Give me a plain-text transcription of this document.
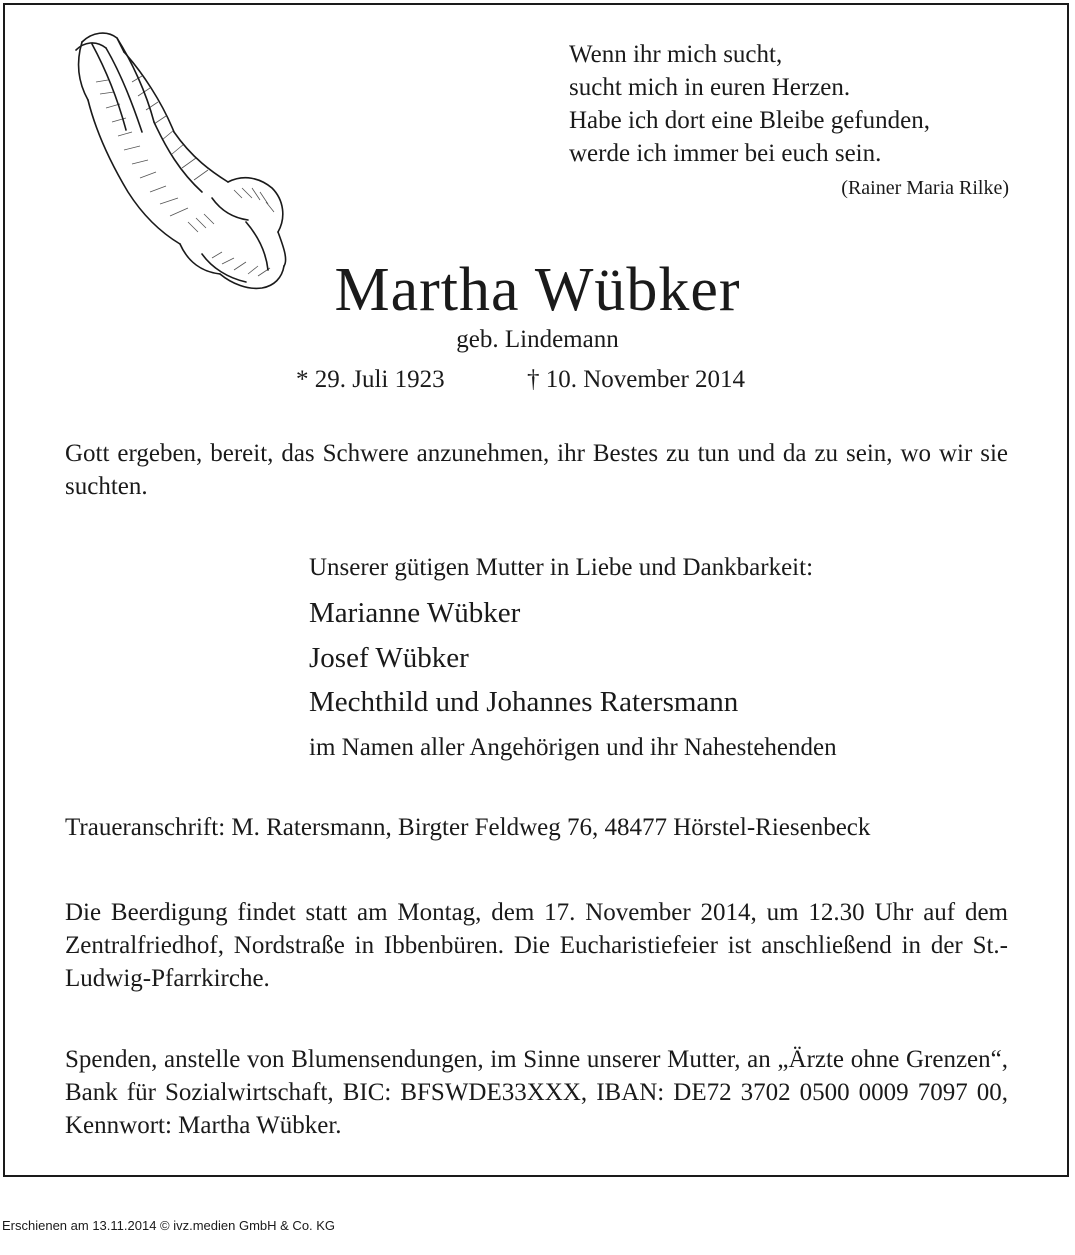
Wenn ihr mich sucht,
sucht mich in euren Herzen.
Habe ich dort eine Bleibe gefunden,
werde ich immer bei euch sein.
(Rainer Maria Rilke)
Martha Wübker
geb. Lindemann
* 29. Juli 1923	† 10. November 2014
Gott ergeben, bereit, das Schwere anzunehmen, ihr Bestes zu tun und da zu sein, wo wir sie suchten.
Unserer gütigen Mutter in Liebe und Dankbarkeit:
Marianne Wübker
Josef Wübker
Mechthild und Johannes Ratersmann
im Namen aller Angehörigen und ihr Nahestehenden
Traueranschrift: M. Ratersmann, Birgter Feldweg 76, 48477 Hörstel-Riesenbeck
Die Beerdigung findet statt am Montag, dem 17. November 2014, um 12.30 Uhr auf dem Zentralfriedhof, Nordstraße in Ibbenbüren. Die Eucharistiefeier ist anschließend in der St.-Ludwig-Pfarrkirche.
Spenden, anstelle von Blumensendungen, im Sinne unserer Mutter, an „Ärzte ohne Grenzen“, Bank für Sozialwirtschaft, BIC: BFSWDE33XXX, IBAN: DE72 3702 0500 0009 7097 00, Kennwort: Martha Wübker.
Erschienen am 13.11.2014 © ivz.medien GmbH & Co. KG
